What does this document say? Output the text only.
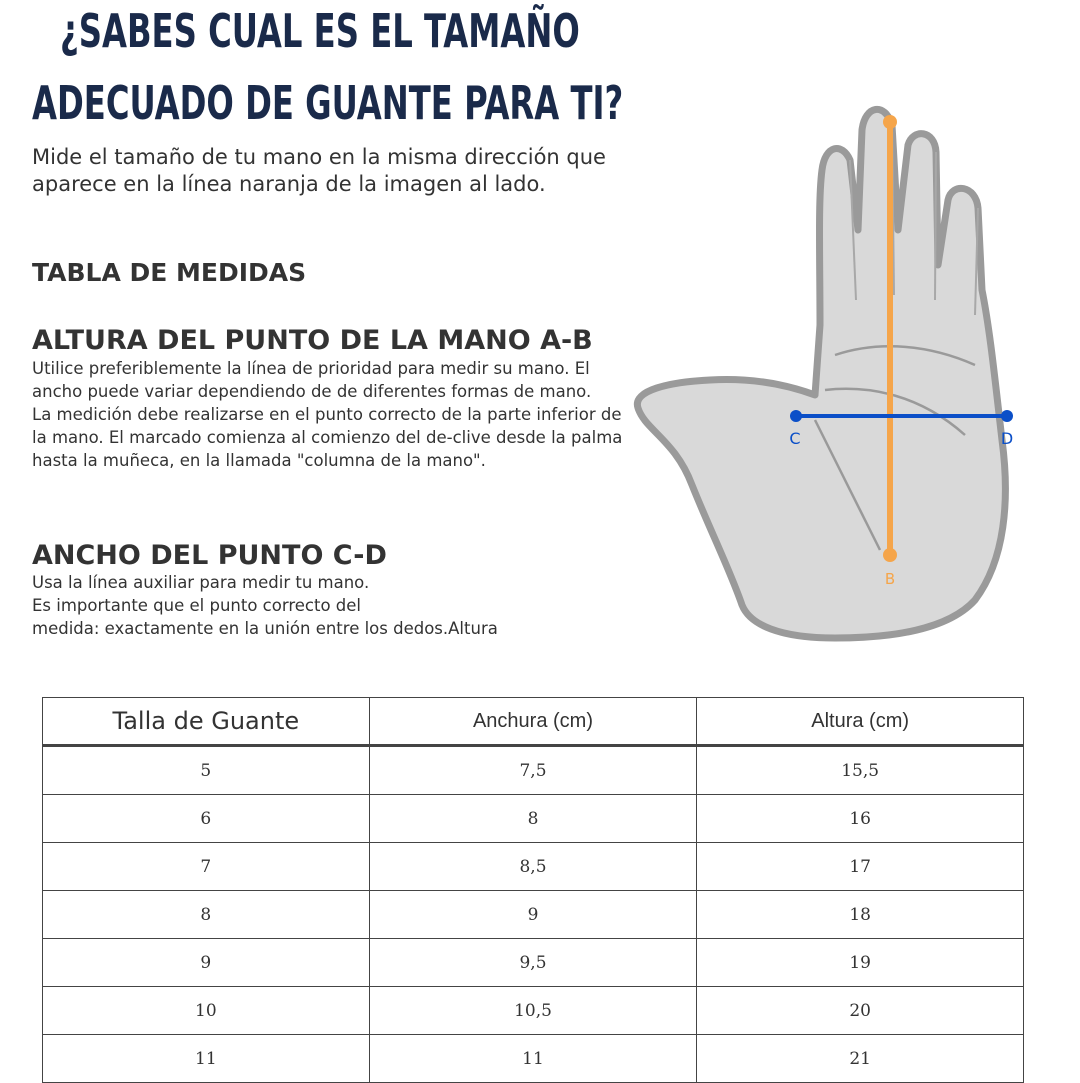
¿SABES CUAL ES EL TAMAÑO
ADECUADO DE GUANTE PARA TI?

Mide el tamaño de tu mano en la misma dirección que aparece en la línea naranja de la imagen al lado.

TABLA DE MEDIDAS
ALTURA DEL PUNTO DE LA MANO A-B

Utilice preferiblemente la línea de prioridad para medir su mano. El ancho puede variar dependiendo de de diferentes formas de mano.

La medición debe realizarse en el punto correcto de la parte inferior de la mano. El marcado comienza al comienzo del de-clive desde la palma hasta la muñeca, en la llamada "columna de la mano".

ANCHO DEL PUNTO C-D

Usa la línea auxiliar para medir tu mano.

Es importante que el punto correcto del

medida: exactamente en la unión entre los dedos.Altura

B
C	D
Talla de Guante	Anchura (cm)	Altura (cm)
5	7,5	15,5
6	8	16
7	8,5	17
8	9	18
9	9,5	19
10	10,5	20
11	11	21
